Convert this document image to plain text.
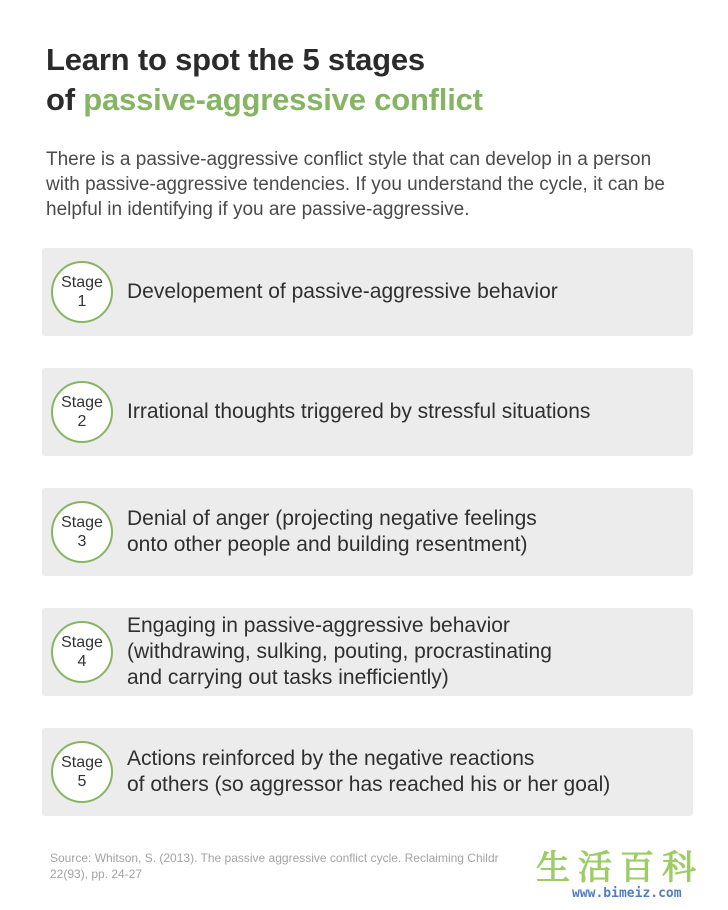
Learn to spot the 5 stages
of passive-aggressive conflict

There is a passive-aggressive conflict style that can develop in a person with passive-aggressive tendencies. If you understand the cycle, it can be helpful in identifying if you are passive-aggressive.

Stage
1 Developement of passive-aggressive behavior
Stage
2 Irrational thoughts triggered by stressful situations
Stage
3
Denial of anger (projecting negative feelings
onto other people and building resentment)
Stage
4
Engaging in passive-aggressive behavior
(withdrawing, sulking, pouting, procrastinating
and carrying out tasks inefficiently)
Stage
5
Actions reinforced by the negative reactions
of others (so aggressor has reached his or her goal)
Source: Whitson, S. (2013). The passive aggressive conflict cycle. Reclaiming Childr
22(93), pp. 24-27	生活百科
www.bimeiz.com
